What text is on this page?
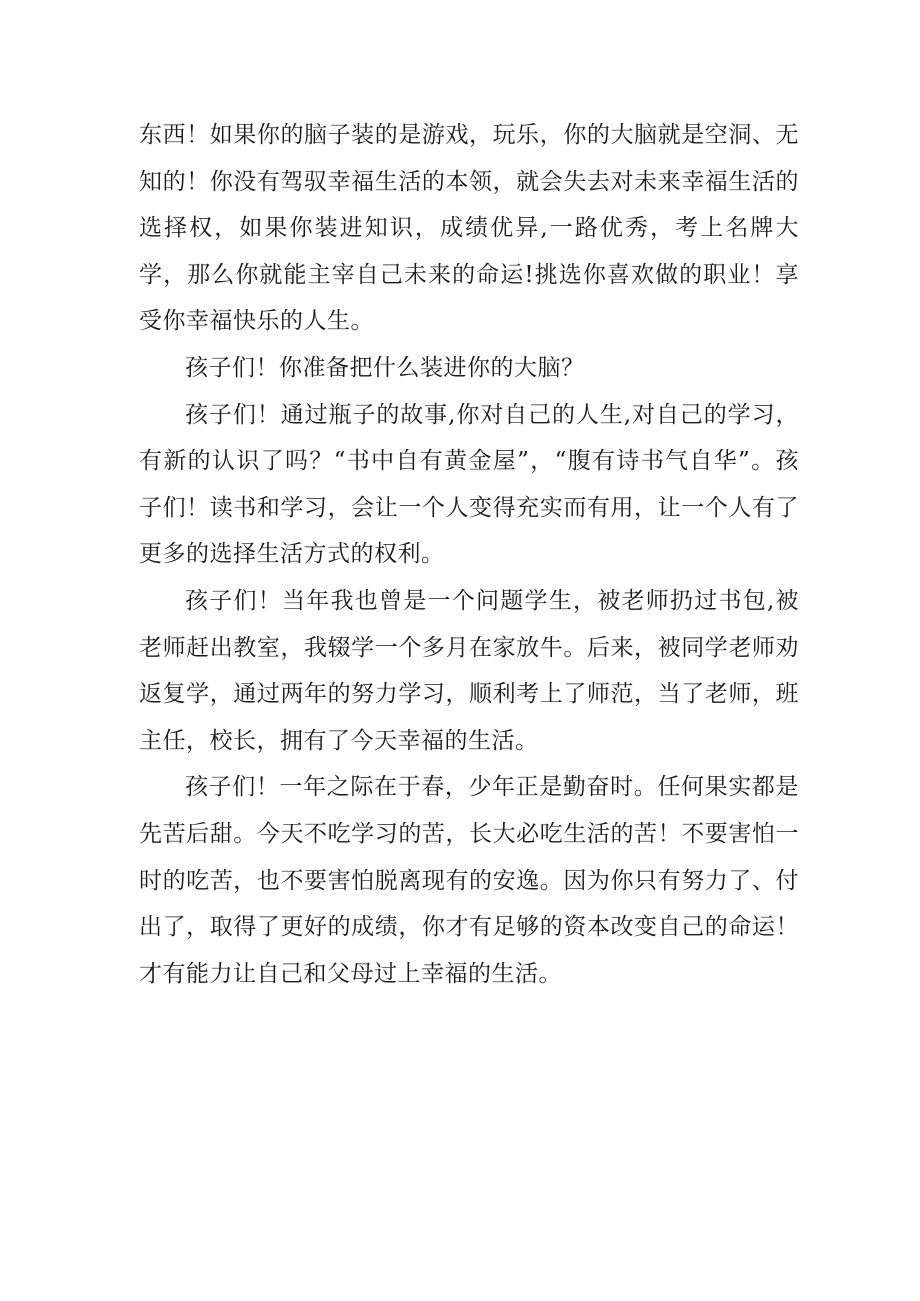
东西！如果你的脑子装的是游戏，玩乐，你的大脑就是空洞、无知的！你没有驾驭幸福生活的本领，就会失去对未来幸福生活的选择权，如果你装进知识，成绩优异,一路优秀，考上名牌大学，那么你就能主宰自己未来的命运!挑选你喜欢做的职业！享受你幸福快乐的人生。

孩子们！你准备把什么装进你的大脑？

孩子们！通过瓶子的故事,你对自己的人生,对自己的学习，有新的认识了吗？“书中自有黄金屋”，“腹有诗书气自华”。孩子们！读书和学习，会让一个人变得充实而有用，让一个人有了更多的选择生活方式的权利。

孩子们！当年我也曾是一个问题学生，被老师扔过书包,被老师赶出教室，我辍学一个多月在家放牛。后来，被同学老师劝返复学，通过两年的努力学习，顺利考上了师范，当了老师，班主任，校长，拥有了今天幸福的生活。

孩子们！一年之际在于春，少年正是勤奋时。任何果实都是先苦后甜。今天不吃学习的苦，长大必吃生活的苦！不要害怕一时的吃苦，也不要害怕脱离现有的安逸。因为你只有努力了、付出了，取得了更好的成绩，你才有足够的资本改变自己的命运！才有能力让自己和父母过上幸福的生活。
